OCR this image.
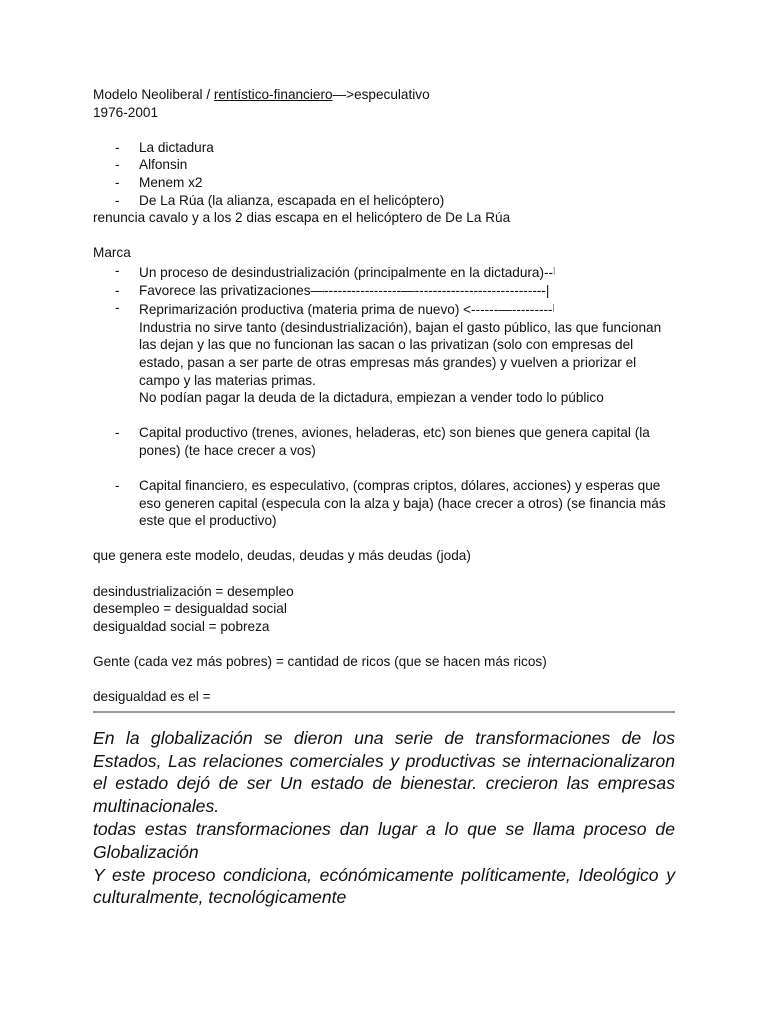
Modelo Neoliberal / rentístico-financiero—>especulativo
1976-2001
- La dictadura
- Alfonsin
- Menem x2
- De La Rúa (la alianza, escapada en el helicóptero)
renuncia cavalo y a los 2 dias escapa en el helicóptero de De La Rúa
Marca
- Un proceso de desindustrialización (principalmente en la dictadura)--|
- Favorece las privatizaciones—-----------------—-----------------------------|
- Reprimarización productiva (materia prima de nuevo) <------—---------|
Industria no sirve tanto (desindustrialización), bajan el gasto público, las que funcionan las dejan y las que no funcionan las sacan o las privatizan (solo con empresas del estado, pasan a ser parte de otras empresas más grandes) y vuelven a priorizar el campo y las materias primas.
No podían pagar la deuda de la dictadura, empiezan a vender todo lo público
- Capital productivo (trenes, aviones, heladeras, etc) son bienes que genera capital (la pones) (te hace crecer a vos)
- Capital financiero, es especulativo, (compras criptos, dólares, acciones) y esperas que eso generen capital (especula con la alza y baja) (hace crecer a otros) (se financia más este que el productivo)
que genera este modelo, deudas, deudas y más deudas (joda)
desindustrialización = desempleo
desempleo = desigualdad social
desigualdad social = pobreza
Gente (cada vez más pobres) = cantidad de ricos (que se hacen más ricos)
desigualdad es el =

En la globalización se dieron una serie de transformaciones de los Estados, Las relaciones comerciales y productivas se internacionalizaron el estado dejó de ser Un estado de bienestar. crecieron las empresas multinacionales.

todas estas transformaciones dan lugar a lo que se llama proceso de Globalización

Y este proceso condiciona, ecónómicamente políticamente, Ideológico y culturalmente, tecnológicamente
